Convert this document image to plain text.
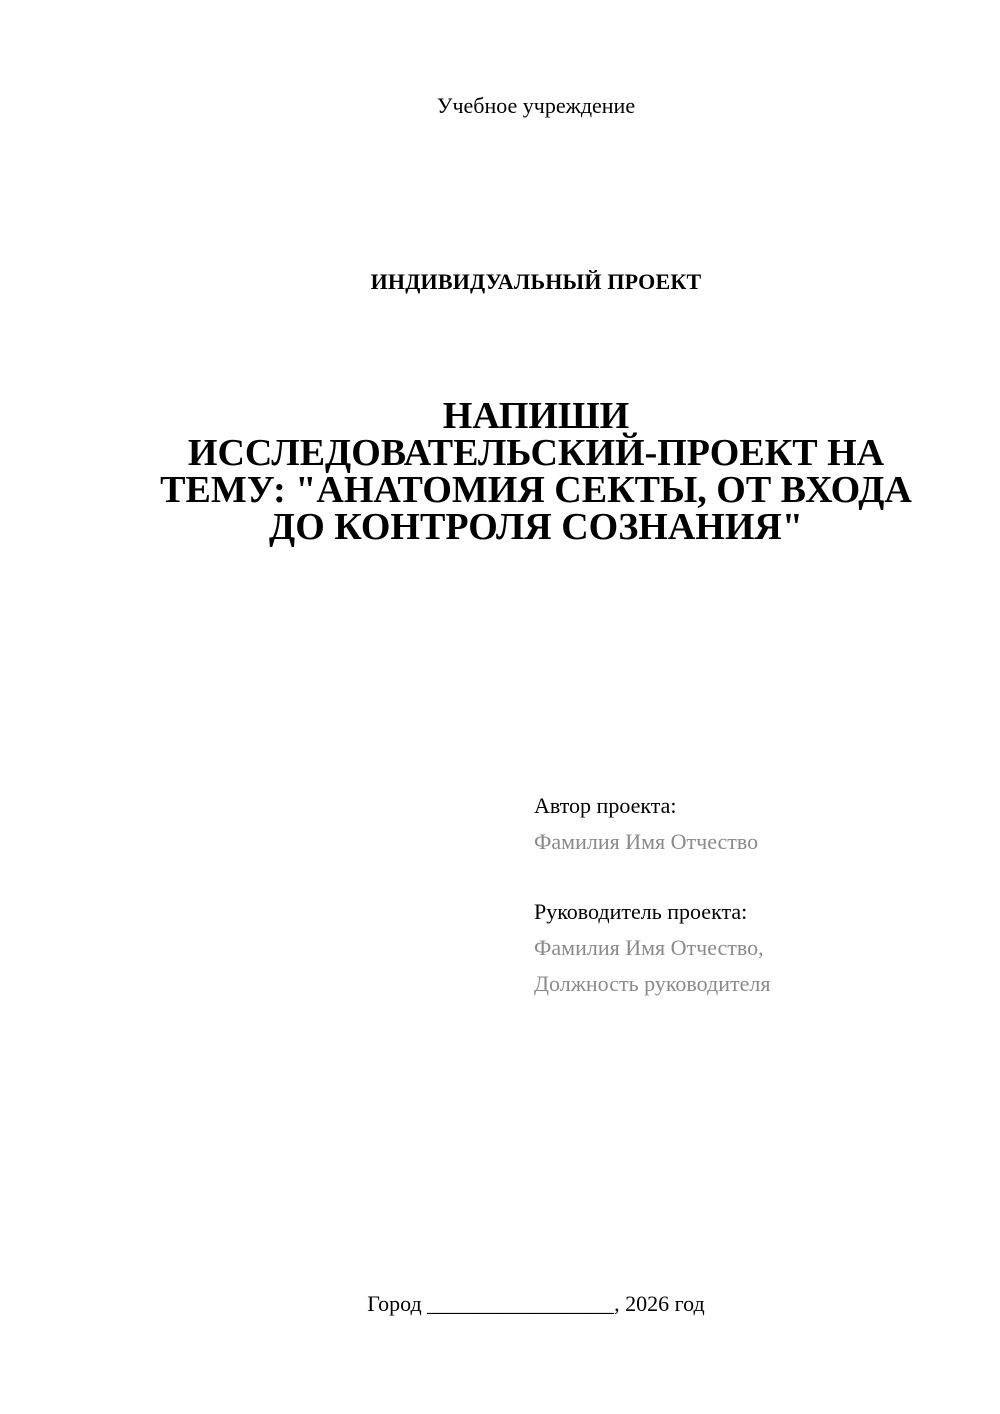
Учебное учреждение
ИНДИВИДУАЛЬНЫЙ ПРОЕКТ
НАПИШИ
ИССЛЕДОВАТЕЛЬСКИЙ-ПРОЕКТ НА
ТЕМУ: "АНАТОМИЯ СЕКТЫ, ОТ ВХОДА
ДО КОНТРОЛЯ СОЗНАНИЯ"
Автор проекта:
Фамилия Имя Отчество
Руководитель проекта:
Фамилия Имя Отчество,
Должность руководителя
Город _________________, 2026 год
